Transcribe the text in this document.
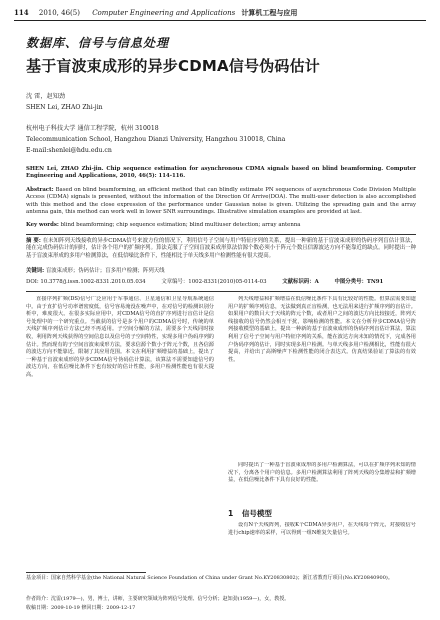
114 2010, 46(5) Computer Engineering and Applications 计算机工程与应用
数据库、信号与信息处理
基于盲波束成形的异步CDMA信号伪码估计
沈 雷，赵知劲
SHEN Lei, ZHAO Zhi-jin
杭州电子科技大学 通信工程学院，杭州 310018
Telecommunication School, Hangzhou Dianzi University, Hangzhou 310018, China
E-mail:shenlei@hdu.edu.cn
SHEN Lei, ZHAO Zhi-jin. Chip sequence estimation for asynchronous CDMA signals based on blind beamforming. Computer Engineering and Applications, 2010, 46(5): 114-116.
Abstract: Based on blind beamforming, an efficient method that can blindly estimate PN sequences of asynchronous Code Division Multiple Access (CDMA) signals is presented, without the information of the Direction Of Arrive(DOA). The multi-user detection is also accomplished with this method and the close expression of the performance under Gaussian noise is given. Utilizing the spreading gain and the array antenna gain, this method can work well in lower SNR surroundings. Illustrative simulation examples are provided at last.
Key words: blind beamforming; chip sequence estimation; blind multiuser detection; array antenna
摘 要: 在未知阵列天线接收的异步CDMA信号来波方位的情况下，利用信号子空间与用户特征序列的关系，提出一种新的基于盲波束成形的伪码序列盲估计算法，能在完成伪码估计的同时，估计各个用户的扩频序列。算法克服了子空间盲波束成形算法信源个数必须小于阵元个数且信源波达方向不能靠近的缺点。同时提出一种基于盲波束形成的多用户检测算法，在低信噪比条件下，性能相比于单天线多用户检测性能有很大提高。
关键词: 盲波束成形；伪码估计；盲多用户检测；阵列天线
DOI: 10.3778/j.issn.1002-8331.2010.05.034	文章编号：1002-8331(2010)05-0114-03	文献标识码：A	中图分类号：TN91
直接序列扩频(DS)信号广泛应用于军事通信、卫星通信和卫星导航系统通信中。由于直扩信号功率谱密度低，信号容易淹没在噪声中，在对信号的检测识别分析中，难度很大。在很多实际应用中，对CDMA信号的直扩序列进行盲估计是信号处理中的一个研究重点。当截获的信号是多个用户的CDMA信号时，传统的单天线扩频序列估计方法已经不再适用。子空间分解的方法，需要多个天线同时接收，利用阵列天线获得的空间信息以及信号的子空间特性，实现多用户伪码序列的估计。然而现有的子空间盲波束成形方法，要求信源个数小于阵元个数，且各信源的波达方向不能靠近，限制了其应用范围。本文在利用扩频增益的基础上，提出了一种基于盲波束成形的异步CDMA信号伪码估计算法，该算法不需要知道信号的波达方向，在低信噪比条件下也有较好的估计性能，多用户检测性能也有很大提高。
列天线增益和扩频增益在低信噪比条件下具有比较好的性能。但算法需要知道用户的扩频序列信息，无法做到真正盲检测，也无法用来进行扩频序列的盲估计。如果用户的数目大于天线的阵元个数，或者用户之间的波达方向比较接近，阵列天线接收的信号仍然会相互干扰，影响检测的性能。本文在分析异步CDMA信号阵列接收模型的基础上，提出一种新的基于盲波束成形的伪码序列盲估计算法，算法利用了信号子空间与用户特征序列的关系，能在波达方向未知的情况下，完成各用户伪码序列的估计，同时实现多用户检测。与单天线多用户检测相比，性能有很大提高，并给出了高斯噪声下检测性能的闭合表达式。仿真结果验证了算法的有效性。
同时提出了一种基于盲波束成形的多用户检测算法，可以在扩频序列未知的情况下，分离各个用户的信息。多用户检测算法利用了阵列天线的分集增益和扩频增益，在低信噪比条件下具有良好的性能。
1 信号模型
设有N个天线阵列，接收K个CDMA异步用户，在天线每个阵元，对接收信号进行chip速率的采样，可以得到一组N维复矢量信号。
基金项目：国家自然科学基金(the National Natural Science Foundation of China under Grant No.KY20830802)；浙江省教育厅项目(No.KY20840900)。
作者简介：沈雷(1979—)，男，博士，讲师，主要研究领域为阵列信号处理、信号分析；赵知劲(1959—)，女，教授。
收稿日期：2009-10-19 修回日期：2009-12-17
